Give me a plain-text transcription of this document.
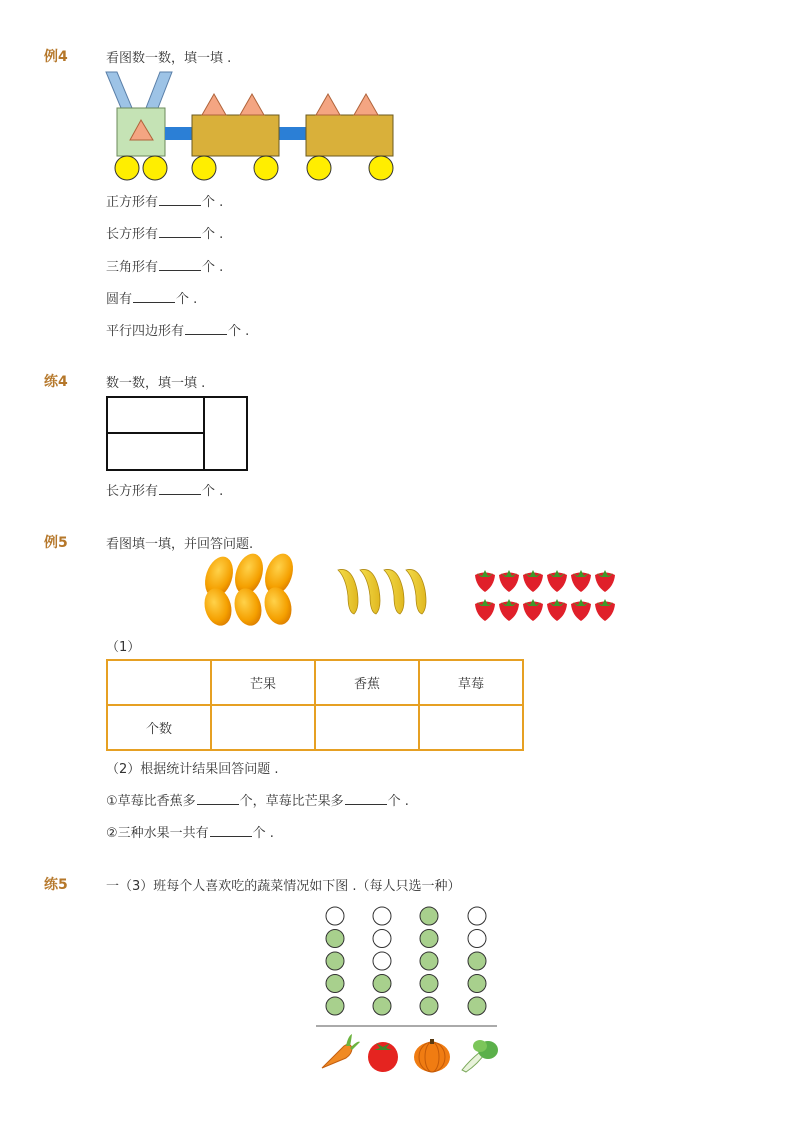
例4	看图数一数，填一填 .
正方形有	个 .
长方形有	个 .
三角形有	个 .
圆有	个 .
平行四边形有	个 .
练4	数一数，填一填 .
长方形有	个 .
例5	看图填一填，并回答问题.
（1）
	芒果	香蕉	草莓
个数			
（2）根据统计结果回答问题 .
①草莓比香蕉多	个，草莓比芒果多	个 .
②三种水果一共有	个 .
练5	一（3）班每个人喜欢吃的蔬菜情况如下图 .（每人只选一种）
